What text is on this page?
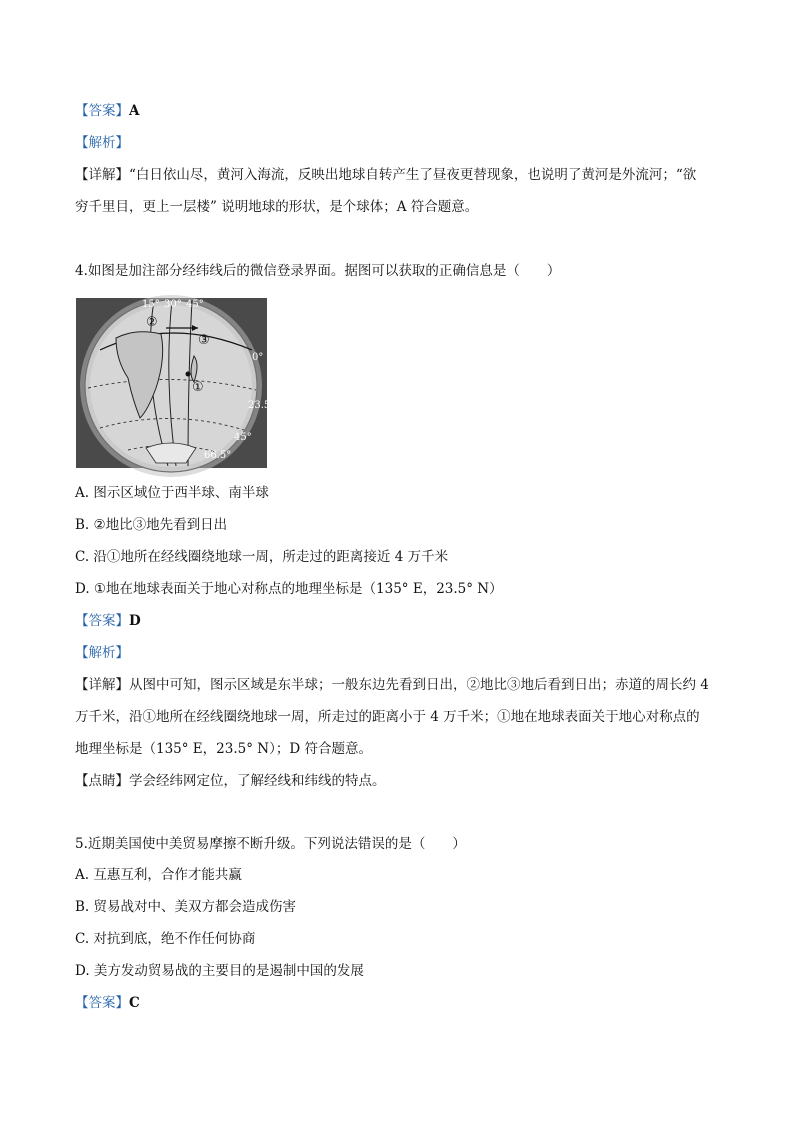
【答案】A
【解析】
【详解】“白日依山尽，黄河入海流，反映出地球自转产生了昼夜更替现象，也说明了黄河是外流河；“欲
穷千里目，更上一层楼” 说明地球的形状，是个球体；A 符合题意。
4.如图是加注部分经纬线后的微信登录界面。据图可以获取的正确信息是（　　）
15° 30° 45°
0°
23.5°
45°
66.5°
②
③
①
A. 图示区域位于西半球、南半球
B. ②地比③地先看到日出
C. 沿①地所在经线圈绕地球一周，所走过的距离接近 4 万千米
D. ①地在地球表面关于地心对称点的地理坐标是（135° E，23.5° N）
【答案】D
【解析】
【详解】从图中可知，图示区域是东半球；一般东边先看到日出，②地比③地后看到日出；赤道的周长约 4
万千米，沿①地所在经线圈绕地球一周，所走过的距离小于 4 万千米；①地在地球表面关于地心对称点的
地理坐标是（135° E，23.5° N）；D 符合题意。
【点睛】学会经纬网定位，了解经线和纬线的特点。
5.近期美国使中美贸易摩擦不断升级。下列说法错误的是（　　）
A. 互惠互利，合作才能共赢
B. 贸易战对中、美双方都会造成伤害
C. 对抗到底，绝不作任何协商
D. 美方发动贸易战的主要目的是遏制中国的发展
【答案】C
